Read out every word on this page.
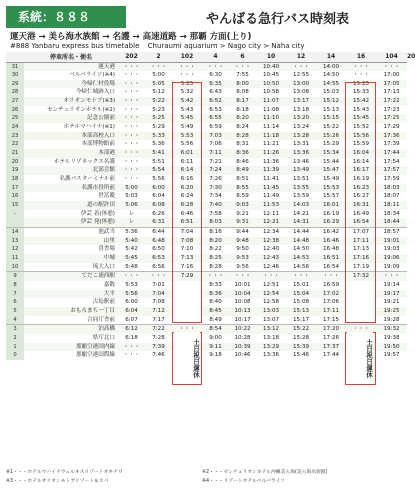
系統：８８８	やんばる急行バス時刻表
運天港 → 美ら海水族館 → 名護 → 高速道路 → 那覇 方面(上り)
#888 Yanbaru express bus timetable Churaumi aquarium > Nago city > Naha city
	停車所名・便名	202	2	102	4	6	10	12	14	16	104	20
31	運天港	・・・	・・・	・・・	・・・	・・・	10:40	・・・	14:00	・・・	・・・	
30	ベルパライソ(※4)	・・・	5:00	・・・	6:30	7:55	10:45	12:55	14:50	・・・	17:00	
29	今帰仁村役場	・・・	5:05	5:25	6:35	8:00	10:50	13:00	14:55	15:25	17:05	
28	今帰仁城跡入口	・・・	5:12	5:32	6:43	8:08	10:58	13:08	15:03	15:33	17:13	
27	オリオンモトブ(※3)	・・・	5:22	5:42	6:52	8:17	11:07	13:17	15:12	15:42	17:22	
26	センチュリオンホテル(※2)	・・・	5:23	5:43	6:53	8:18	11:08	13:18	15:13	15:43	17:23	
25	記念公園前	・・・	5:25	5:45	6:55	8:20	11:10	13:20	15:15	15:45	17:25	
24	ホテルマハイナ(※1)	・・・	5:29	5:49	6:59	8:24	11:14	13:24	15:22	15:52	17:29	
23	本部高校入口	・・・	5:33	5:53	7:03	8:28	11:18	13:28	15:26	15:56	17:36	
22	本部博物館前	・・・	5:36	5:56	7:06	8:31	11:21	13:31	15:29	15:59	17:39	
21	本部港	・・・	5:41	6:01	7:11	8:36	11:26	13:36	15:34	16:04	17:44	
20	ホテルリゾネックス名護	・・・	5:51	6:11	7:21	8:46	11:36	13:46	15:44	16:14	17:54	
19	北部会館	・・・	5:54	6:14	7:24	8:49	11:39	13:49	15:47	16:17	17:57	
18	名護バスターミナル前	・・・	5:56	6:16	7:26	8:51	11:41	13:51	15:49	16:19	17:59	
17	名護市役所前	5:00	6:00	6:20	7:30	8:55	11:45	13:55	15:53	16:23	18:03	
16	世冨慶	5:03	6:04	6:24	7:34	8:59	11:49	13:59	15:57	16:27	18:07	
15	道の駅許田	5:06	6:08	6:28	7:40	9:03	11:53	14:03	16:01	16:31	18:11	
-	伊芸 着(休憩)	レ	6:26	6:46	7:58	9:21	12:11	14:21	16:19	16:49	18:34	
	伊芸 発(休憩)	レ	6:31	6:51	8:03	9:31	12:21	14:31	16:29	16:54	18:44	
14	池武当	5:36	6:44	7:04	8:16	9:44	12:34	14:44	16:42	17:07	18:57	
13	山里	5:40	6:48	7:08	8:20	9:48	12:38	14:48	16:46	17:11	19:01	
12	喜舎場	5:42	6:50	7:10	8:22	9:50	12:40	14:50	16:48	17:13	19:03	
11	中城	5:45	6:53	7:13	8:25	9:53	12:43	14:53	16:51	17:16	19:06	
10	琉大入口	5:48	6:56	7:16	8:28	9:56	12:46	14:56	16:54	17:19	19:09	
9	てだこ浦西駅	・・・	・・・	7:29	・・・	・・・	・・・	・・・	・・・	17:32	・・・	
8	嘉数	5:53	7:01		8:33	10:01	12:51	15:01	16:59		19:14	
7	大平	5:56	7:04		8:36	10:04	12:54	15:04	17:02		19:17	
6	古島駅前	6:00	7:08		8:40	10:08	12:58	15:08	17:06		19:21	
5	おもろまち一丁目	6:04	7:12		8:45	10:13	13:03	15:13	17:11		19:25	
4	合同庁舎前	6:07	7:17		8:49	10:17	13:07	15:17	17:15		19:28	
3	泊高橋	6:12	7:22	・・・	8:54	10:22	13:12	15:22	17:20	・・・	19:32	
2	県庁北口	6:18	7:28		9:00	10:28	13:18	15:28	17:26		19:38	
1	那覇空港国内線	・・・	7:39		9:11	10:39	13:29	15:39	17:37		19:50	
0	那覇空港国際線	・・・	7:46		9:18	10:46	13:36	15:46	17:44		19:57	
土日祝日運休	土日祝日運休
※1・・・ホテルマハイナウェルネスリゾートオキナワ	※2・・・センチュリオンホテル沖縄美ら海(美ら海水族館)
※3・・・ホテルオリオンモトブリゾート＆スパ	※4・・・リゾートホテルベルパライソ
